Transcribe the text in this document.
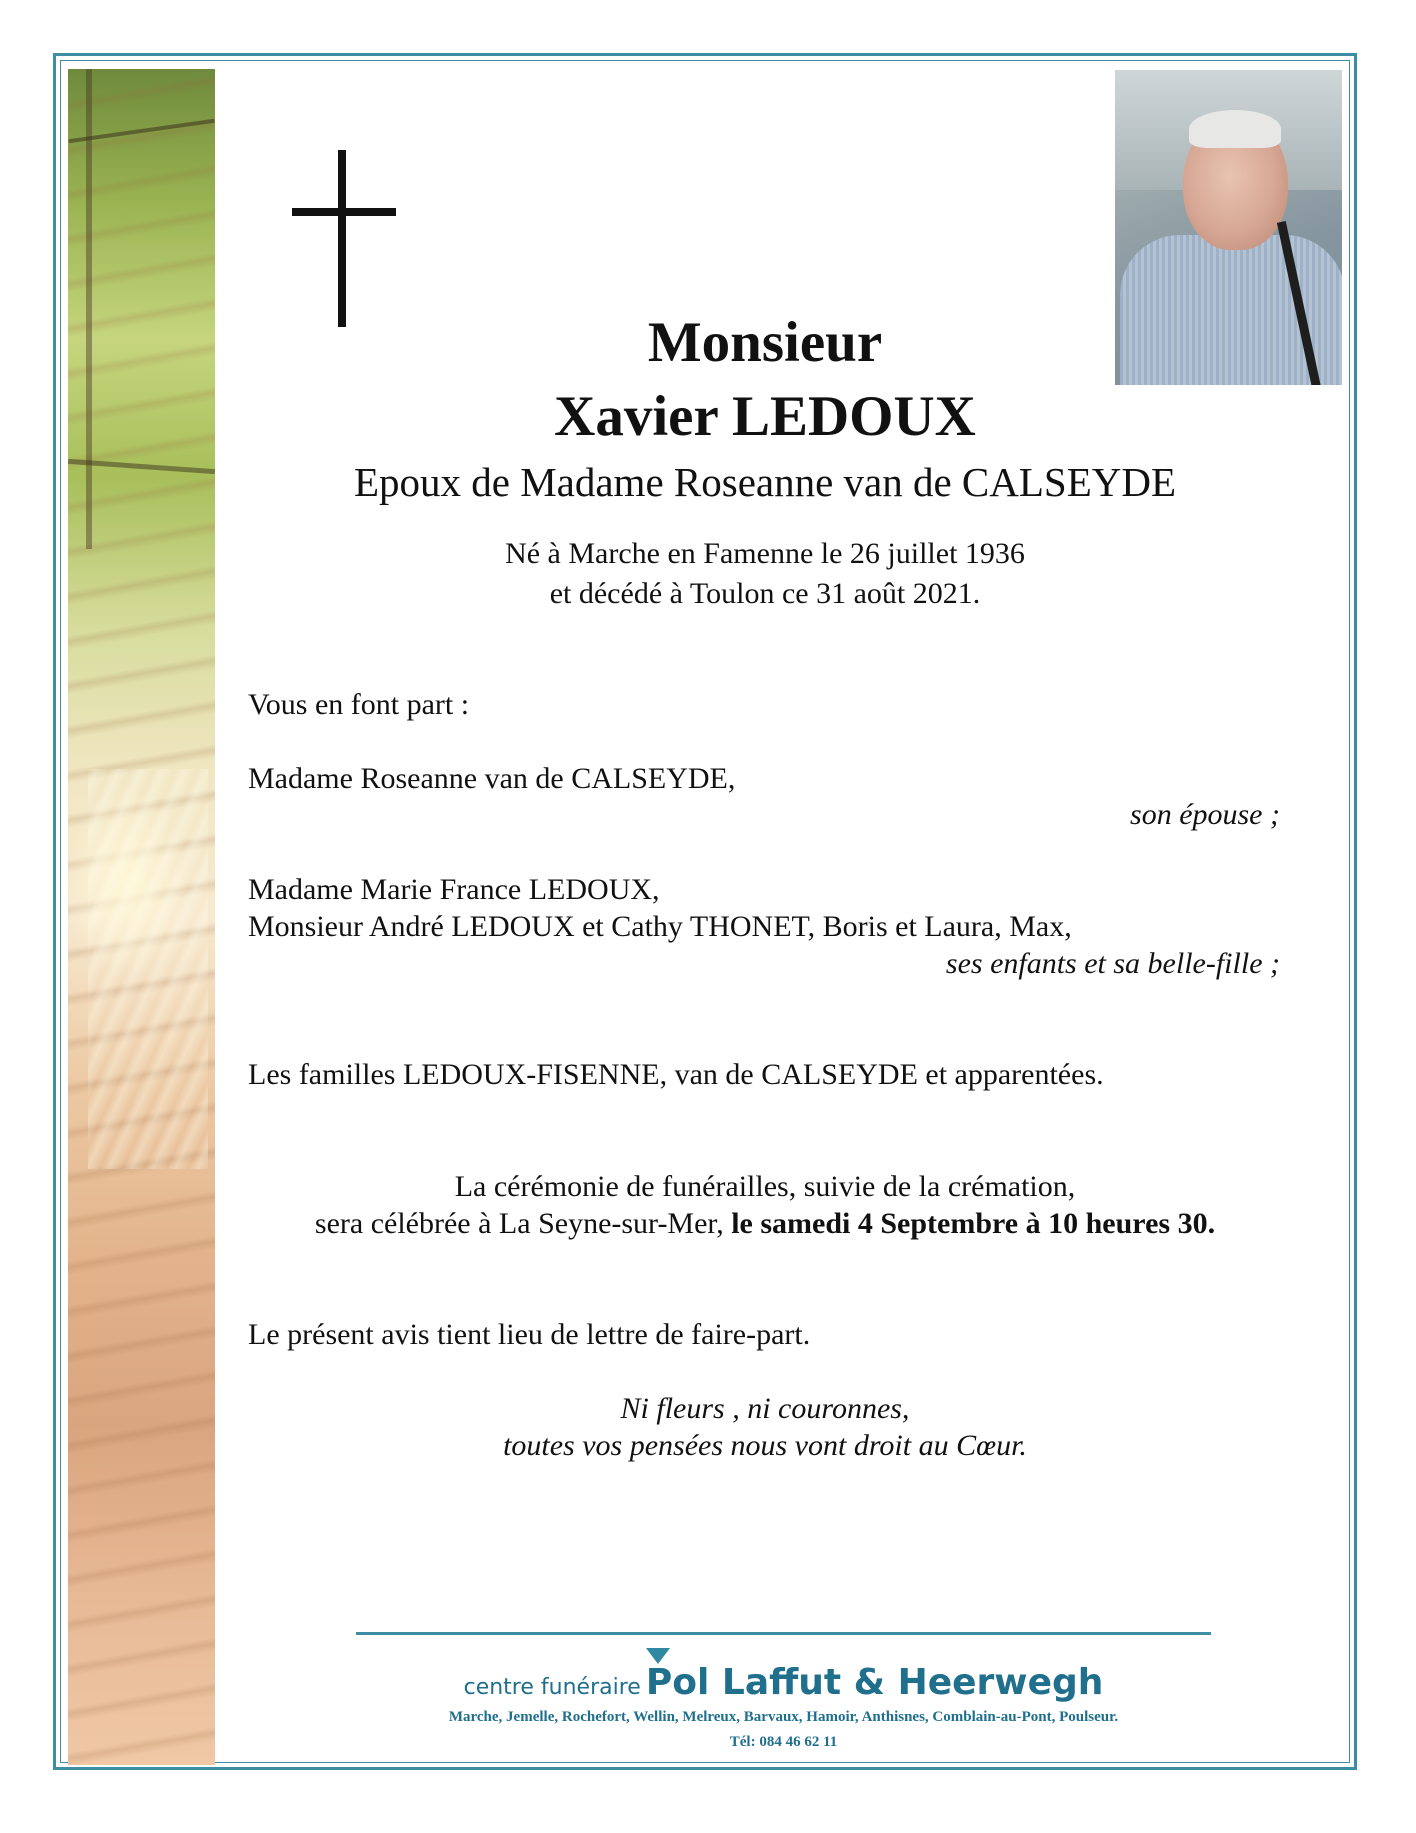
Monsieur
Xavier LEDOUX
Epoux de Madame Roseanne van de CALSEYDE
Né à Marche en Famenne le 26 juillet 1936
et décédé à Toulon ce 31 août 2021.
Vous en font part :
Madame Roseanne van de CALSEYDE,
son épouse ;
Madame Marie France LEDOUX,
Monsieur André LEDOUX et Cathy THONET, Boris et Laura, Max,
ses enfants et sa belle-fille ;
Les familles LEDOUX-FISENNE, van de CALSEYDE et apparentées.
La cérémonie de funérailles, suivie de la crémation,
sera célébrée à La Seyne-sur-Mer, le samedi 4 Septembre à 10 heures 30.
Le présent avis tient lieu de lettre de faire-part.
Ni fleurs , ni couronnes,
toutes vos pensées nous vont droit au Cœur.
centre funéraire Pol Laffut & Heerwegh
Marche, Jemelle, Rochefort, Wellin, Melreux, Barvaux, Hamoir, Anthisnes, Comblain-au-Pont, Poulseur.
Tél: 084 46 62 11
